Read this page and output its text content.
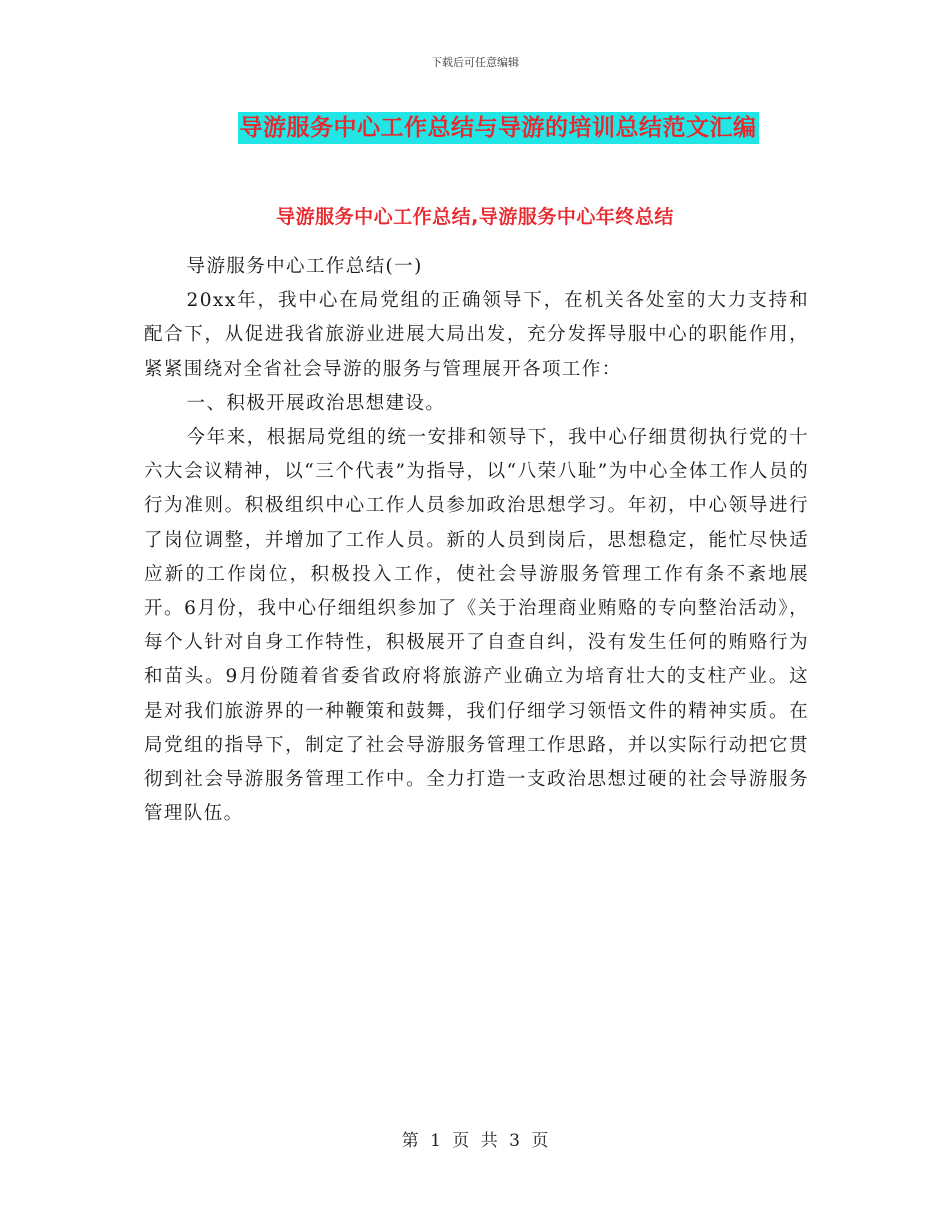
下载后可任意编辑
导游服务中心工作总结与导游的培训总结范文汇编
导游服务中心工作总结,导游服务中心年终总结

导游服务中心工作总结(一)

20xx年，我中心在局党组的正确领导下，在机关各处室的大力支持和配合下，从促进我省旅游业进展大局出发，充分发挥导服中心的职能作用，紧紧围绕对全省社会导游的服务与管理展开各项工作：

一、积极开展政治思想建设。

今年来，根据局党组的统一安排和领导下，我中心仔细贯彻执行党的十六大会议精神，以“三个代表”为指导，以“八荣八耻”为中心全体工作人员的行为准则。积极组织中心工作人员参加政治思想学习。年初，中心领导进行了岗位调整，并增加了工作人员。新的人员到岗后，思想稳定，能忙尽快适应新的工作岗位，积极投入工作，使社会导游服务管理工作有条不紊地展开。6月份，我中心仔细组织参加了《关于治理商业贿赂的专向整治活动》，每个人针对自身工作特性，积极展开了自查自纠，没有发生任何的贿赂行为和苗头。9月份随着省委省政府将旅游产业确立为培育壮大的支柱产业。这是对我们旅游界的一种鞭策和鼓舞，我们仔细学习领悟文件的精神实质。在局党组的指导下，制定了社会导游服务管理工作思路，并以实际行动把它贯彻到社会导游服务管理工作中。全力打造一支政治思想过硬的社会导游服务管理队伍。

第 1 页 共 3 页
